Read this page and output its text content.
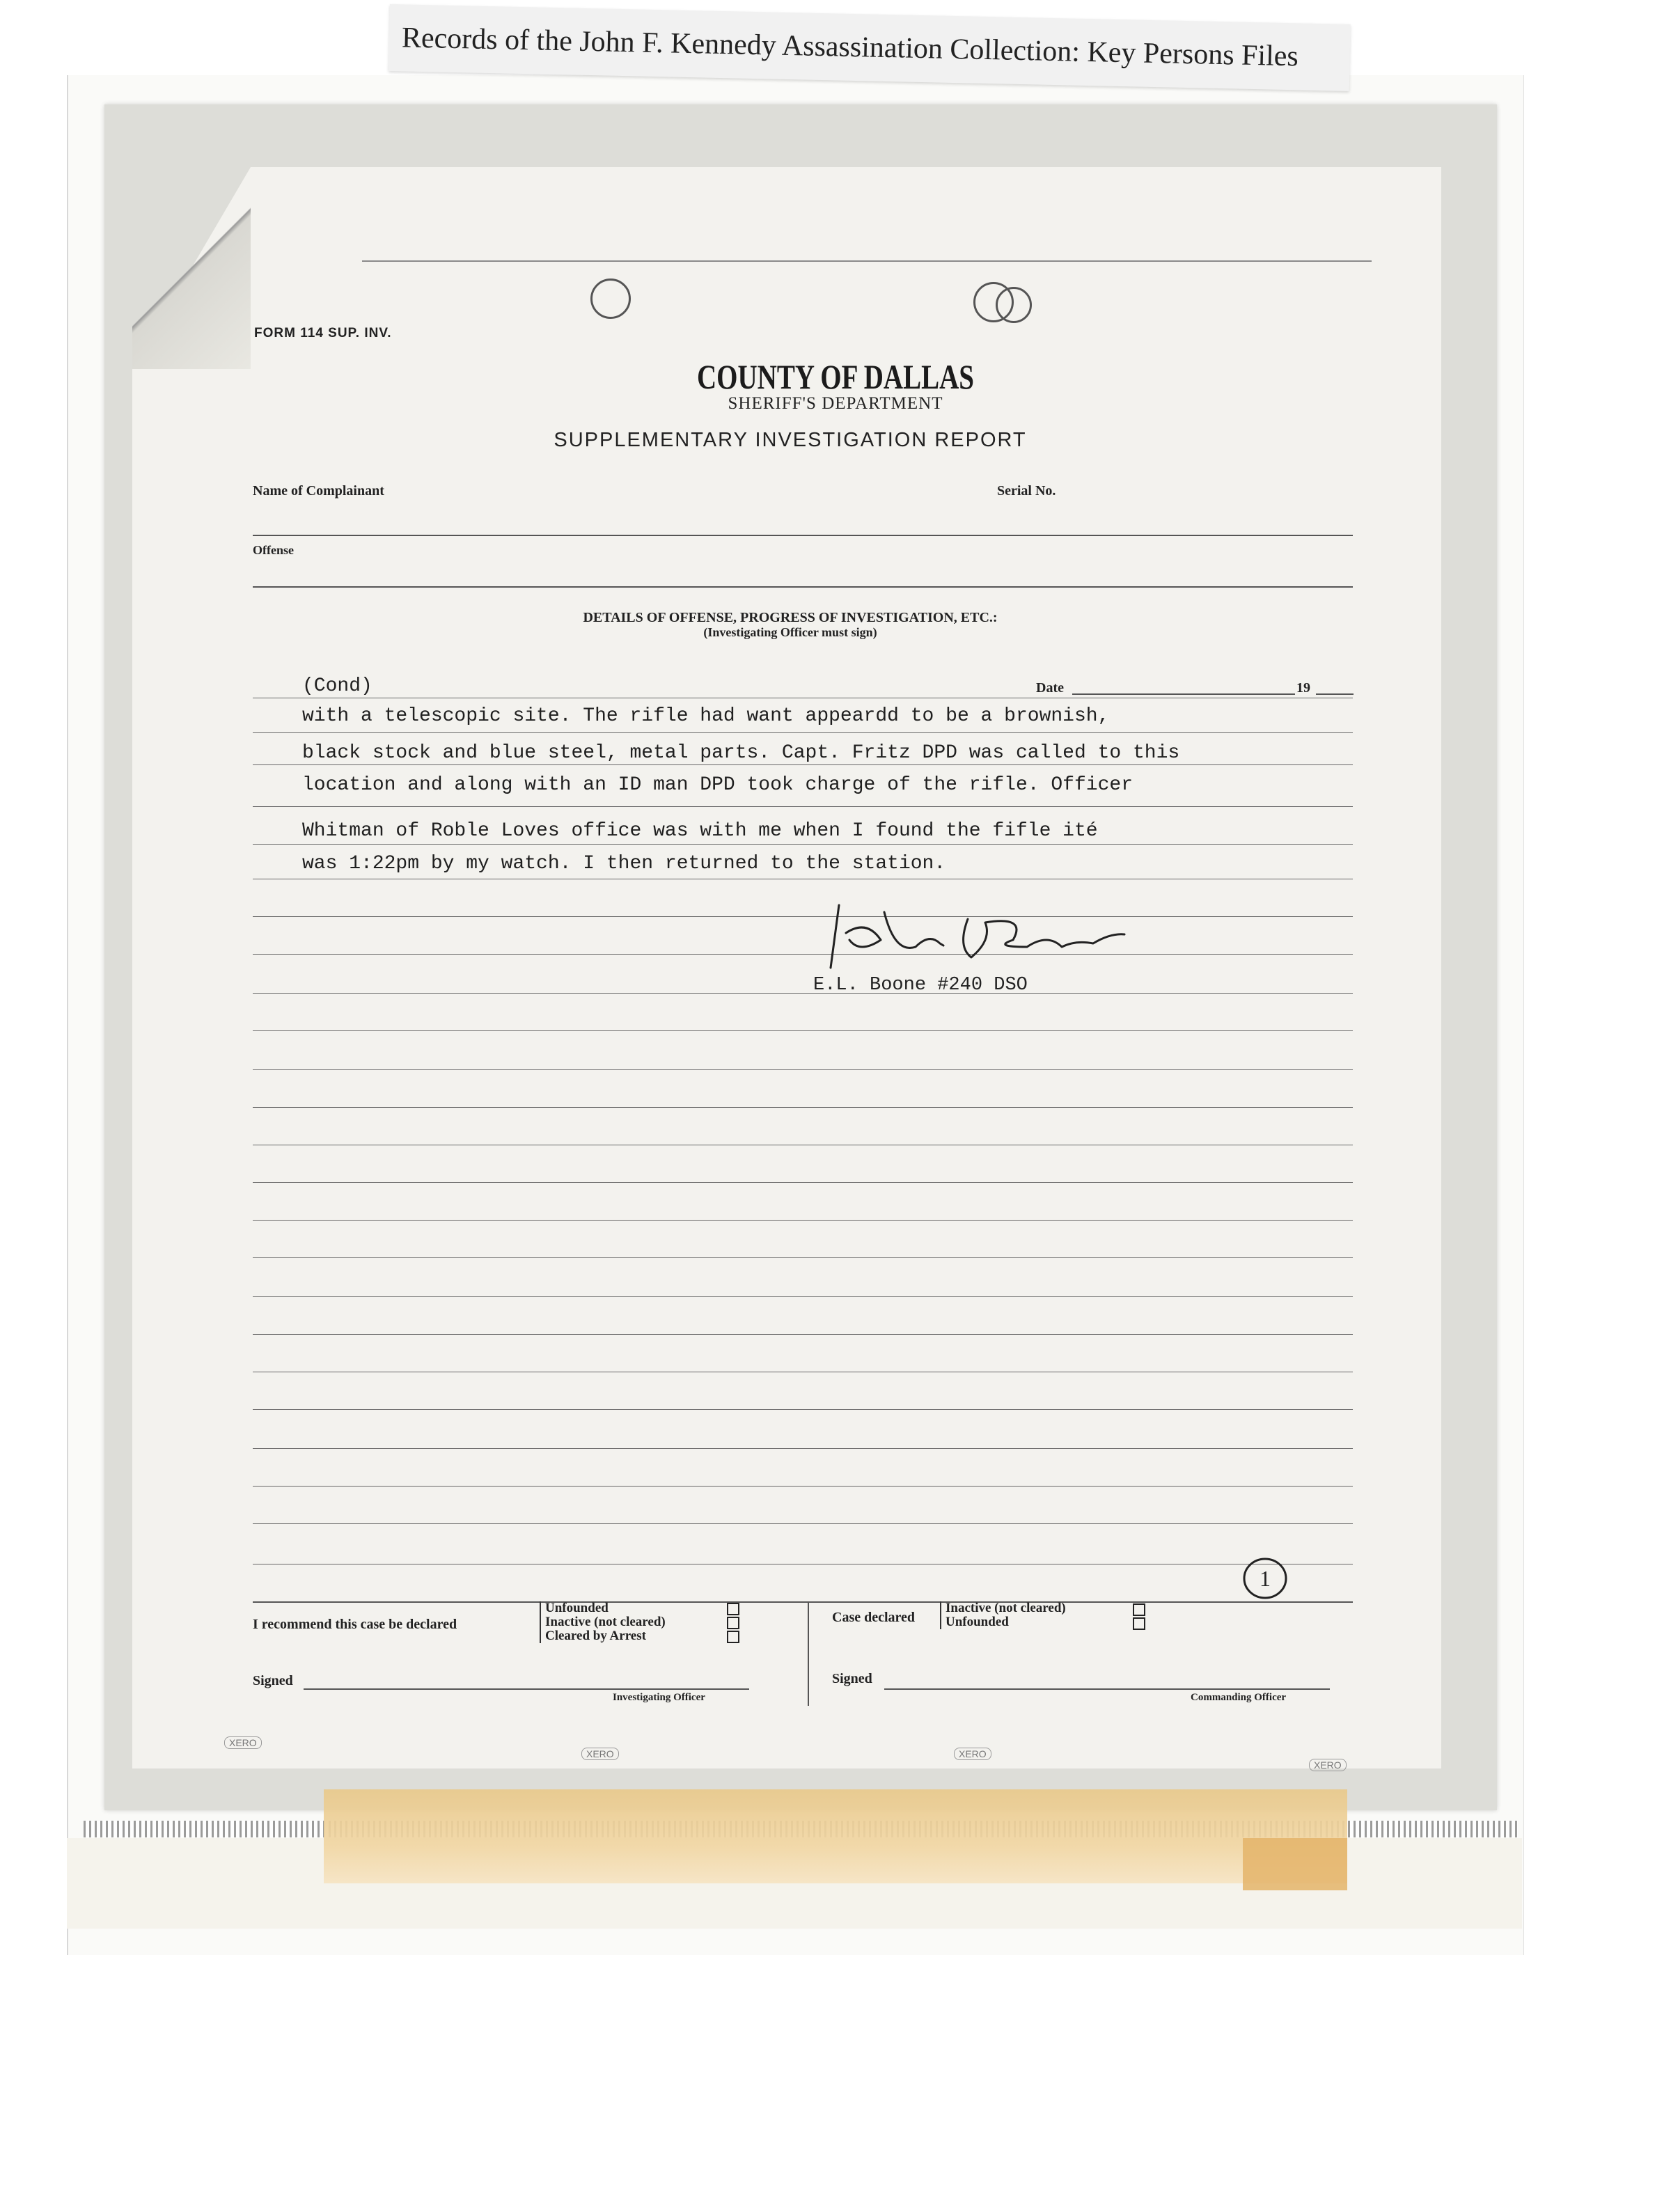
Records of the John F. Kennedy Assassination Collection: Key Persons Files
FORM 114 SUP. INV.
COUNTY OF DALLAS
SHERIFF'S DEPARTMENT
SUPPLEMENTARY INVESTIGATION REPORT
Name of Complainant	Serial No.
Offense
DETAILS OF OFFENSE, PROGRESS OF INVESTIGATION, ETC.:
(Investigating Officer must sign)
(Cond)	Date	19
with a telescopic site. The rifle had want appeardd to be a brownish,
black stock and blue steel, metal parts. Capt. Fritz DPD was called to this
location and along with an ID man DPD took charge of the rifle. Officer
Whitman of Roble Loves office was with me when I found the fifle ité
was 1:22pm by my watch. I then returned to the station.
E.L. Boone #240 DSO
1
I recommend this case be declared
Unfounded
Inactive (not cleared)
Cleared by Arrest
Case declared
Inactive (not cleared)
Unfounded
Signed
Investigating Officer
Signed
Commanding Officer
XERO
XERO	XERO
XERO
